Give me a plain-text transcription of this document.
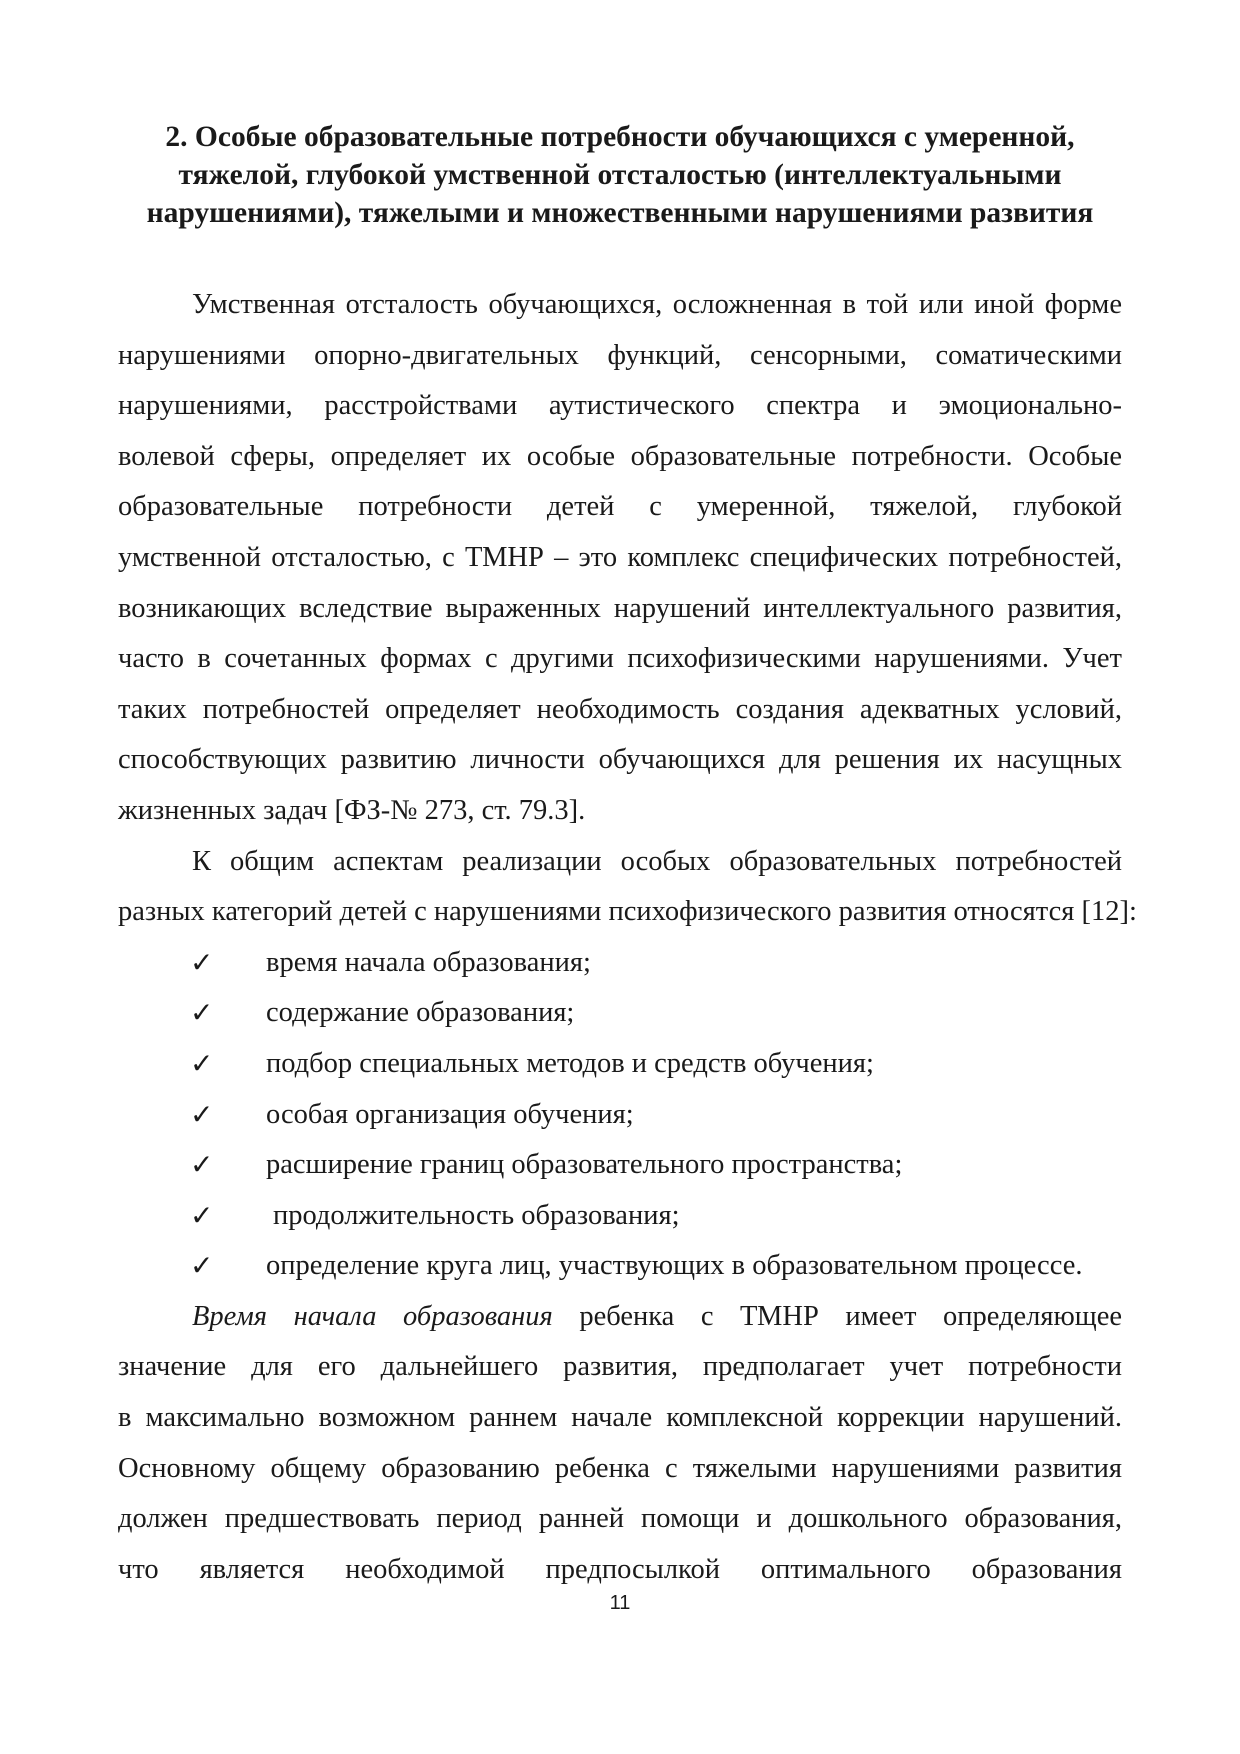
2. Особые образовательные потребности обучающихся с умеренной,
тяжелой, глубокой умственной отсталостью (интеллектуальными
нарушениями), тяжелыми и множественными нарушениями развития
Умственная отсталость обучающихся, осложненная в той или иной форме
нарушениями опорно-двигательных функций, сенсорными, соматическими
нарушениями, расстройствами аутистического спектра и эмоционально-
волевой сферы, определяет их особые образовательные потребности. Особые
образовательные потребности детей с умеренной, тяжелой, глубокой
умственной отсталостью, с ТМНР – это комплекс специфических потребностей,
возникающих вследствие выраженных нарушений интеллектуального развития,
часто в сочетанных формах с другими психофизическими нарушениями. Учет
таких потребностей определяет необходимость создания адекватных условий,
способствующих развитию личности обучающихся для решения их насущных
жизненных задач [ФЗ-№ 273, ст. 79.3].
К общим аспектам реализации особых образовательных потребностей
разных категорий детей с нарушениями психофизического развития относятся [12]:
✓ время начала образования;
✓ содержание образования;
✓ подбор специальных методов и средств обучения;
✓ особая организация обучения;
✓ расширение границ образовательного пространства;
✓ продолжительность образования;
✓ определение круга лиц, участвующих в образовательном процессе.
Время начала образования ребенка с ТМНР имеет определяющее
значение для его дальнейшего развития, предполагает учет потребности
в максимально возможном раннем начале комплексной коррекции нарушений.
Основному общему образованию ребенка с тяжелыми нарушениями развития
должен предшествовать период ранней помощи и дошкольного образования,
что является необходимой предпосылкой оптимального образования
11
